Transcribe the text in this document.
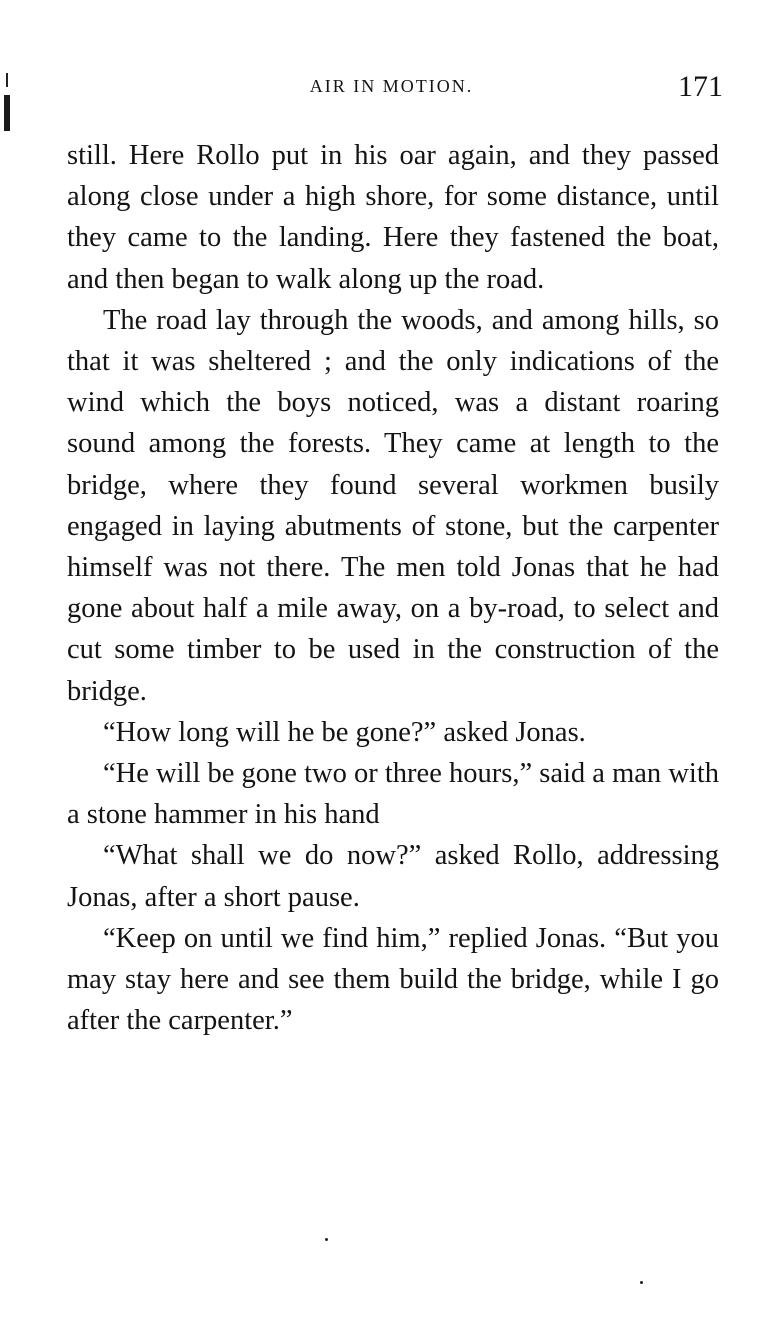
AIR IN MOTION.	171

still. Here Rollo put in his oar again, and they passed along close under a high shore, for some distance, until they came to the landing. Here they fastened the boat, and then began to walk along up the road.

The road lay through the woods, and among hills, so that it was sheltered ; and the only indications of the wind which the boys noticed, was a distant roaring sound among the forests. They came at length to the bridge, where they found several workmen busily engaged in laying abutments of stone, but the carpenter himself was not there. The men told Jonas that he had gone about half a mile away, on a by-road, to select and cut some timber to be used in the construction of the bridge.

“How long will he be gone?” asked Jonas.

“He will be gone two or three hours,” said a man with a stone hammer in his hand

“What shall we do now?” asked Rollo, addressing Jonas, after a short pause.

“Keep on until we find him,” replied Jonas. “But you may stay here and see them build the bridge, while I go after the carpenter.”
